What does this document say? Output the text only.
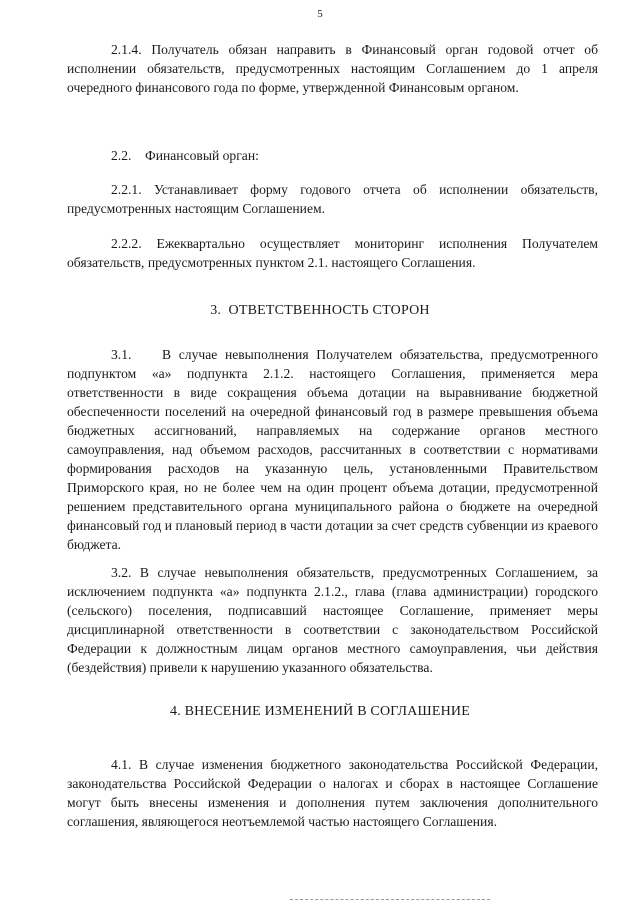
5

2.1.4. Получатель обязан направить в Финансовый орган годовой отчет об исполнении обязательств, предусмотренных настоящим Соглашением до 1 апреля очередного финансового года по форме, утвержденной Финансовым органом.

2.2.    Финансовый орган:

2.2.1. Устанавливает форму годового отчета об исполнении обязательств, предусмотренных настоящим Соглашением.

2.2.2. Ежеквартально осуществляет мониторинг исполнения Получателем обязательств, предусмотренных пунктом 2.1. настоящего Соглашения.

3.  ОТВЕТСТВЕННОСТЬ СТОРОН

3.1.    В случае невыполнения Получателем обязательства, предусмотренного подпунктом «а» подпункта 2.1.2. настоящего Соглашения, применяется мера ответственности в виде сокращения объема дотации на выравнивание бюджетной обеспеченности поселений на очередной финансовый год в размере превышения объема бюджетных ассигнований, направляемых на содержание органов местного самоуправления, над объемом расходов, рассчитанных в соответствии с нормативами формирования расходов на указанную цель, установленными Правительством Приморского края, но не более чем на один процент объема дотации, предусмотренной решением представительного органа муниципального района о бюджете на очередной финансовый год и плановый период в части дотации за счет средств субвенции из краевого бюджета.

3.2. В случае невыполнения обязательств, предусмотренных Соглашением, за исключением подпункта «а» подпункта 2.1.2., глава (глава администрации) городского (сельского) поселения, подписавший настоящее Соглашение, применяет меры дисциплинарной ответственности в соответствии с законодательством Российской Федерации к должностным лицам органов местного самоуправления, чьи действия (бездействия) привели к нарушению указанного обязательства.

4. ВНЕСЕНИЕ ИЗМЕНЕНИЙ В СОГЛАШЕНИЕ

4.1. В случае изменения бюджетного законодательства Российской Федерации, законодательства Российской Федерации о налогах и сборах в настоящее Соглашение могут быть внесены изменения и дополнения путем заключения дополнительного соглашения, являющегося неотъемлемой частью настоящего Соглашения.
